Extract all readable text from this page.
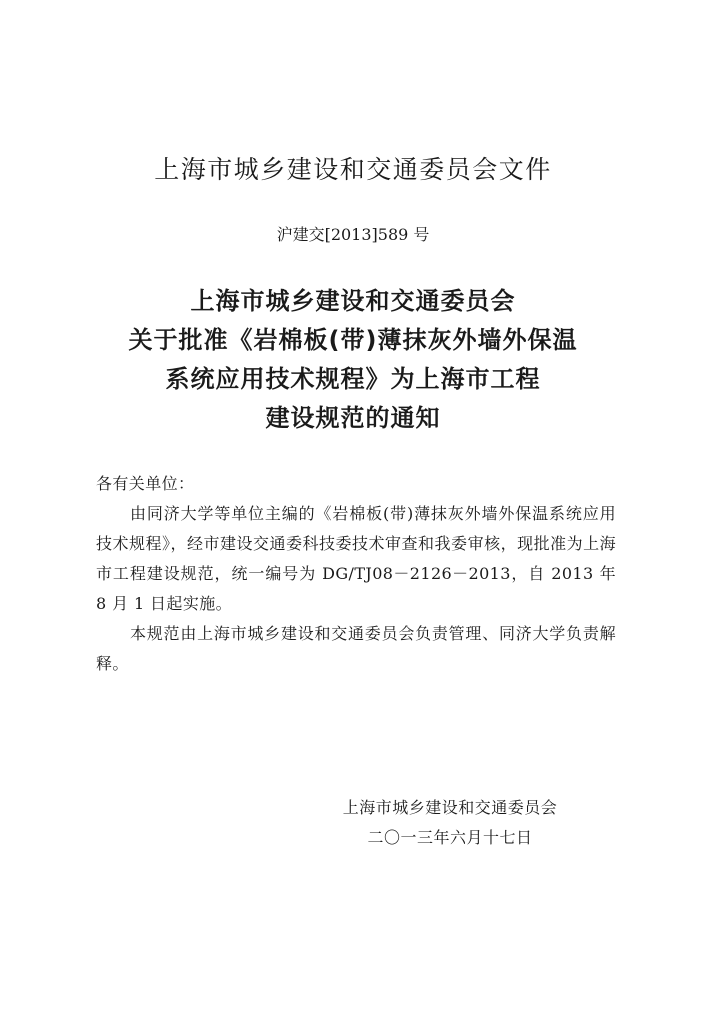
上海市城乡建设和交通委员会文件
沪建交[2013]589 号
上海市城乡建设和交通委员会
关于批准《岩棉板(带)薄抹灰外墙外保温
系统应用技术规程》为上海市工程
建设规范的通知

各有关单位：

由同济大学等单位主编的《岩棉板(带)薄抹灰外墙外保温系统应用技术规程》，经市建设交通委科技委技术审查和我委审核，现批准为上海市工程建设规范，统一编号为 DG/TJ08－2126－2013，自 2013 年 8 月 1 日起实施。

本规范由上海市城乡建设和交通委员会负责管理、同济大学负责解释。

上海市城乡建设和交通委员会
二〇一三年六月十七日
